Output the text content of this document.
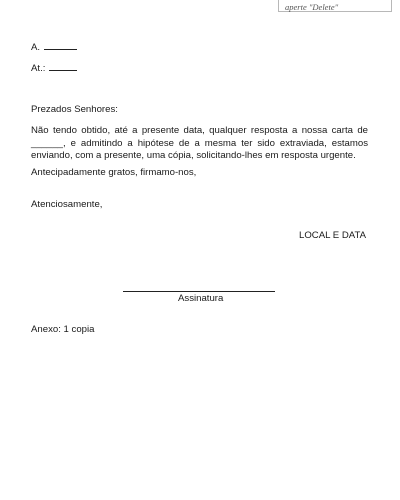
aperte "Delete"
A.
At.:
Prezados Senhores:
Não tendo obtido, até a presente data, qualquer resposta a nossa carta de ______, e admitindo a hipótese de a mesma ter sido extraviada, estamos enviando, com a presente, uma cópia, solicitando-lhes em resposta urgente.
Antecipadamente gratos, firmamo-nos,
Atenciosamente,
LOCAL E DATA
Assinatura
Anexo: 1 copia
